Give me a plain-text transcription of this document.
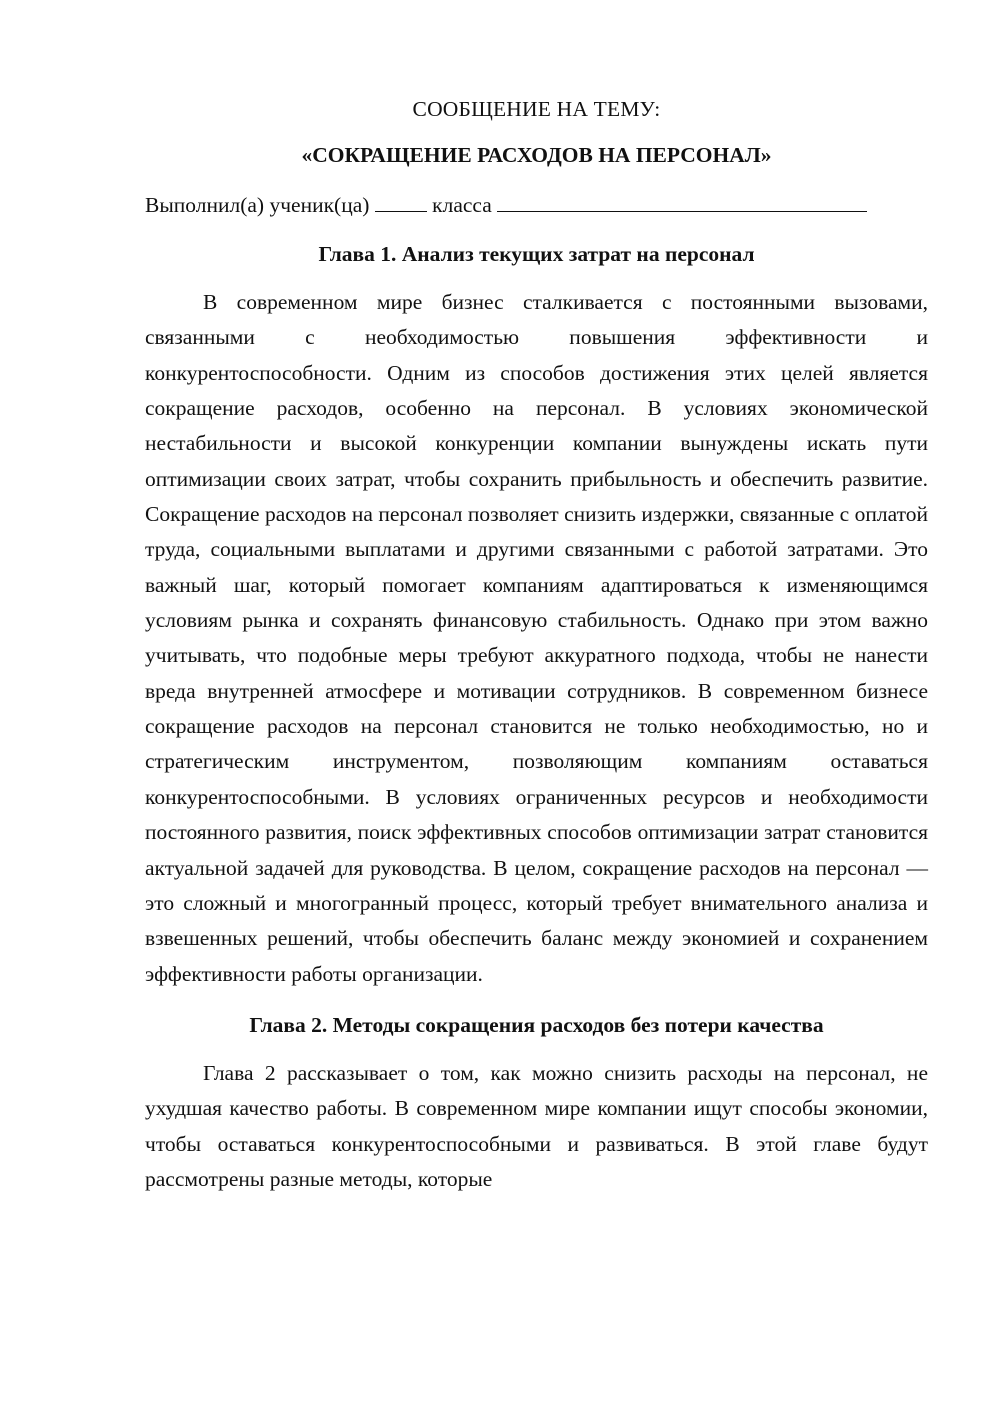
СООБЩЕНИЕ НА ТЕМУ:

«СОКРАЩЕНИЕ РАСХОДОВ НА ПЕРСОНАЛ»

Выполнил(а) ученик(ца)	класса

Глава 1. Анализ текущих затрат на персонал

В современном мире бизнес сталкивается с постоянными вызовами, связанными с необходимостью повышения эффективности и конкурентоспособности. Одним из способов достижения этих целей является сокращение расходов, особенно на персонал. В условиях экономической нестабильности и высокой конкуренции компании вынуждены искать пути оптимизации своих затрат, чтобы сохранить прибыльность и обеспечить развитие. Сокращение расходов на персонал позволяет снизить издержки, связанные с оплатой труда, социальными выплатами и другими связанными с работой затратами. Это важный шаг, который помогает компаниям адаптироваться к изменяющимся условиям рынка и сохранять финансовую стабильность. Однако при этом важно учитывать, что подобные меры требуют аккуратного подхода, чтобы не нанести вреда внутренней атмосфере и мотивации сотрудников. В современном бизнесе сокращение расходов на персонал становится не только необходимостью, но и стратегическим инструментом, позволяющим компаниям оставаться конкурентоспособными. В условиях ограниченных ресурсов и необходимости постоянного развития, поиск эффективных способов оптимизации затрат становится актуальной задачей для руководства. В целом, сокращение расходов на персонал — это сложный и многогранный процесс, который требует внимательного анализа и взвешенных решений, чтобы обеспечить баланс между экономией и сохранением эффективности работы организации.

Глава 2. Методы сокращения расходов без потери качества

Глава 2 рассказывает о том, как можно снизить расходы на персонал, не ухудшая качество работы. В современном мире компании ищут способы экономии, чтобы оставаться конкурентоспособными и развиваться. В этой главе будут рассмотрены разные методы, которые
